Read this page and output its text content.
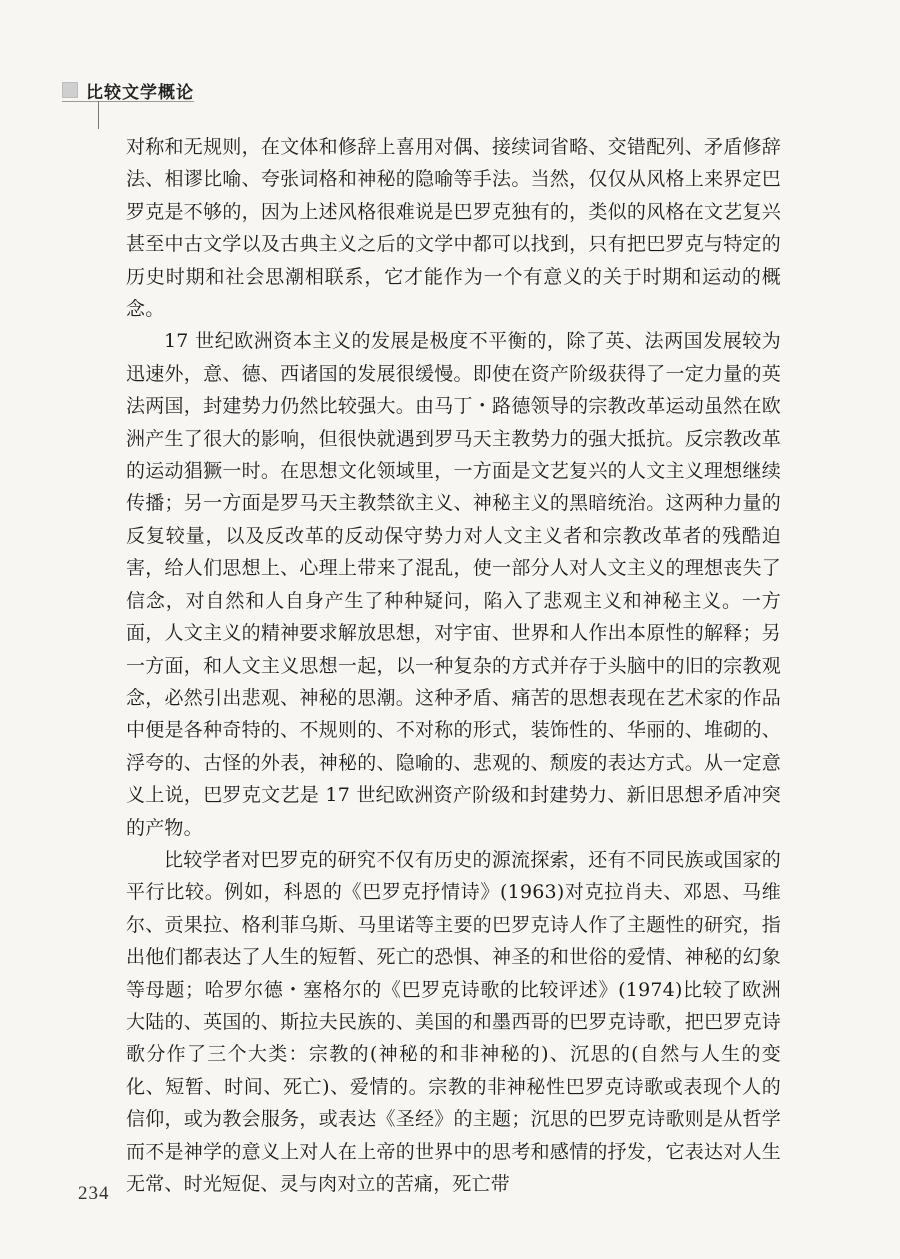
比较文学概论

对称和无规则，在文体和修辞上喜用对偶、接续词省略、交错配列、矛盾修辞法、相谬比喻、夸张词格和神秘的隐喻等手法。当然，仅仅从风格上来界定巴罗克是不够的，因为上述风格很难说是巴罗克独有的，类似的风格在文艺复兴甚至中古文学以及古典主义之后的文学中都可以找到，只有把巴罗克与特定的历史时期和社会思潮相联系，它才能作为一个有意义的关于时期和运动的概念。

17 世纪欧洲资本主义的发展是极度不平衡的，除了英、法两国发展较为迅速外，意、德、西诸国的发展很缓慢。即使在资产阶级获得了一定力量的英法两国，封建势力仍然比较强大。由马丁・路德领导的宗教改革运动虽然在欧洲产生了很大的影响，但很快就遇到罗马天主教势力的强大抵抗。反宗教改革的运动猖獗一时。在思想文化领域里，一方面是文艺复兴的人文主义理想继续传播；另一方面是罗马天主教禁欲主义、神秘主义的黑暗统治。这两种力量的反复较量，以及反改革的反动保守势力对人文主义者和宗教改革者的残酷迫害，给人们思想上、心理上带来了混乱，使一部分人对人文主义的理想丧失了信念，对自然和人自身产生了种种疑问，陷入了悲观主义和神秘主义。一方面，人文主义的精神要求解放思想，对宇宙、世界和人作出本原性的解释；另一方面，和人文主义思想一起，以一种复杂的方式并存于头脑中的旧的宗教观念，必然引出悲观、神秘的思潮。这种矛盾、痛苦的思想表现在艺术家的作品中便是各种奇特的、不规则的、不对称的形式，装饰性的、华丽的、堆砌的、浮夸的、古怪的外表，神秘的、隐喻的、悲观的、颓废的表达方式。从一定意义上说，巴罗克文艺是 17 世纪欧洲资产阶级和封建势力、新旧思想矛盾冲突的产物。

比较学者对巴罗克的研究不仅有历史的源流探索，还有不同民族或国家的平行比较。例如，科恩的《巴罗克抒情诗》(1963)对克拉肖夫、邓恩、马维尔、贡果拉、格利菲乌斯、马里诺等主要的巴罗克诗人作了主题性的研究，指出他们都表达了人生的短暂、死亡的恐惧、神圣的和世俗的爱情、神秘的幻象等母题；哈罗尔德・塞格尔的《巴罗克诗歌的比较评述》(1974)比较了欧洲大陆的、英国的、斯拉夫民族的、美国的和墨西哥的巴罗克诗歌，把巴罗克诗歌分作了三个大类：宗教的(神秘的和非神秘的)、沉思的(自然与人生的变化、短暂、时间、死亡)、爱情的。宗教的非神秘性巴罗克诗歌或表现个人的信仰，或为教会服务，或表达《圣经》的主题；沉思的巴罗克诗歌则是从哲学而不是神学的意义上对人在上帝的世界中的思考和感情的抒发，它表达对人生无常、时光短促、灵与肉对立的苦痛，死亡带

234
